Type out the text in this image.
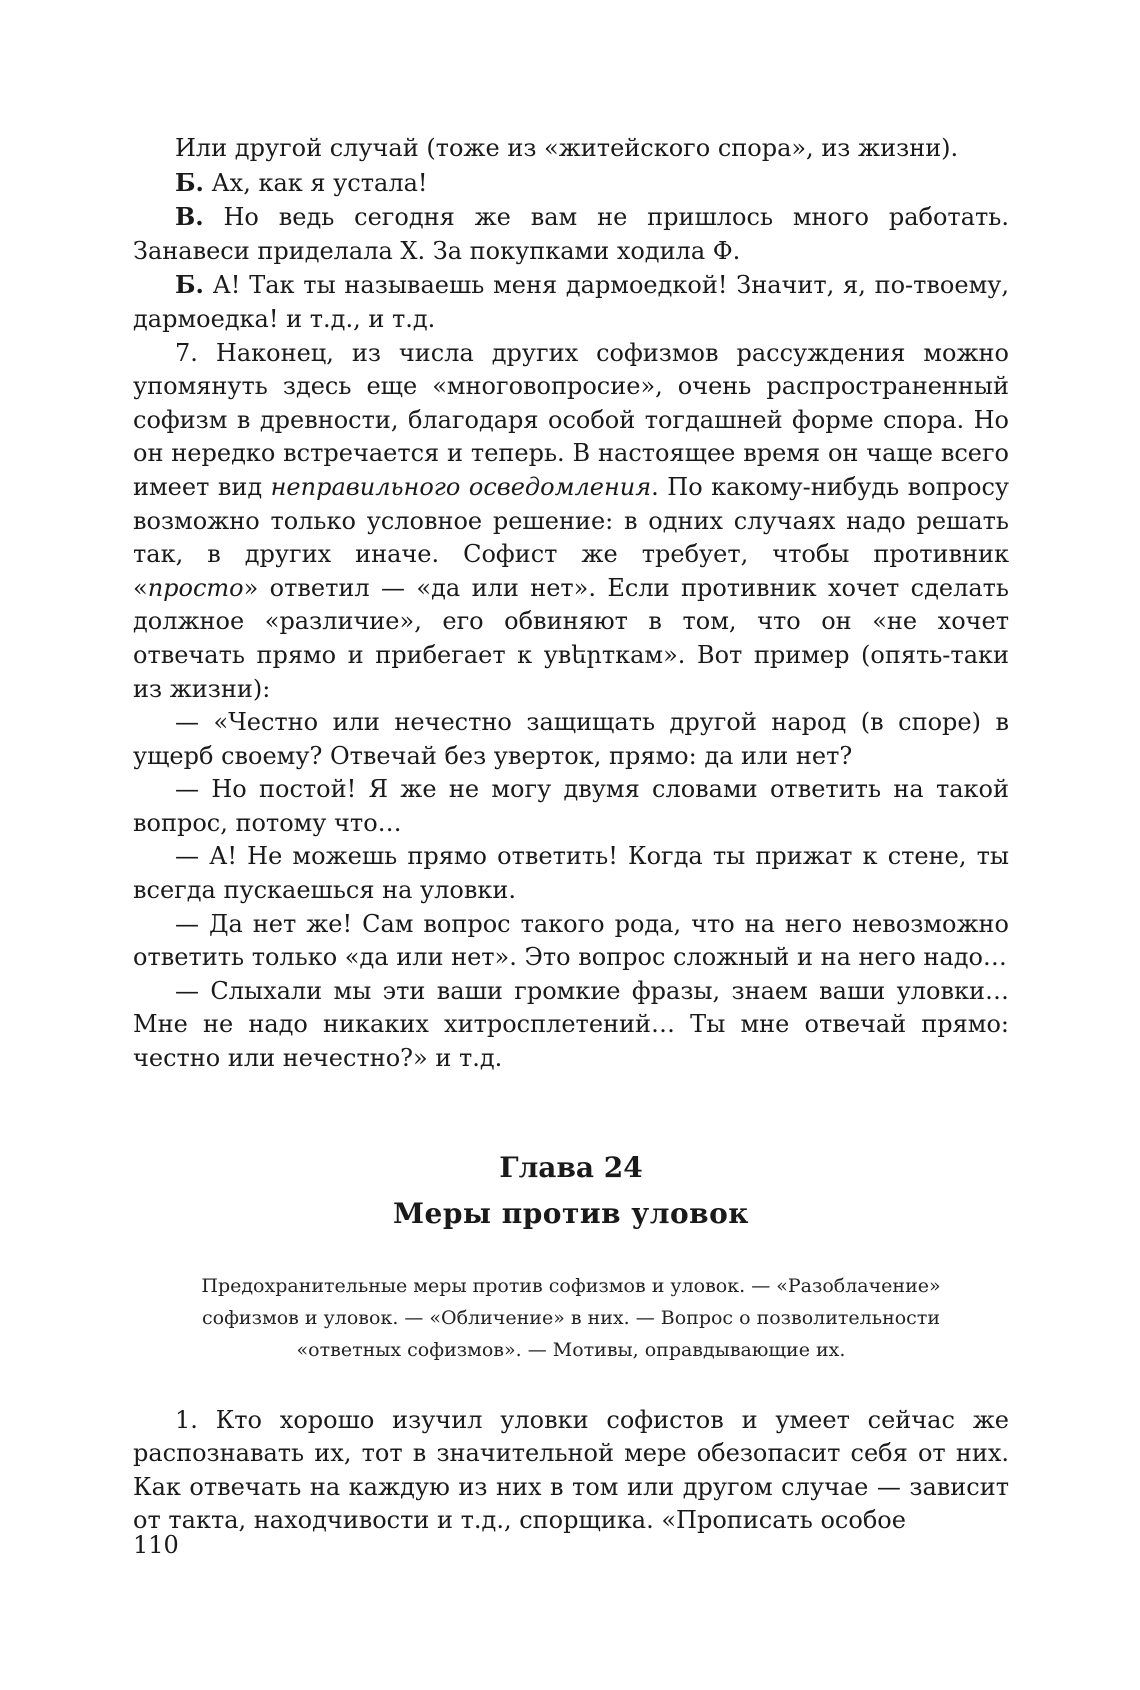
Или другой случай (тоже из «житейского спора», из жизни).

Б. Ах, как я устала!

В. Но ведь сегодня же вам не пришлось много работать. Занавеси приделала Х. За покупками ходила Ф.

Б. А! Так ты называешь меня дармоедкой! Значит, я, по-твоему, дармоедка! и т.д., и т.д.

7. Наконец, из числа других софизмов рассуждения можно упомянуть здесь еще «многовопросие», очень распространенный софизм в древности, благодаря особой тогдашней форме спора. Но он нередко встречается и теперь. В настоящее время он чаще всего имеет вид неправильного осведомления. По какому-нибудь вопросу возможно только условное решение: в одних случаях надо решать так, в других иначе. Софист же требует, чтобы противник «просто» ответил — «да или нет». Если противник хочет сделать должное «различие», его обвиняют в том, что он «не хочет отвечать прямо и прибегает к увերткам». Вот пример (опять-таки из жизни):

— «Честно или нечестно защищать другой народ (в споре) в ущерб своему? Отвечай без уверток, прямо: да или нет?

— Но постой! Я же не могу двумя словами ответить на такой вопрос, потому что…

— А! Не можешь прямо ответить! Когда ты прижат к стене, ты всегда пускаешься на уловки.

— Да нет же! Сам вопрос такого рода, что на него невозможно ответить только «да или нет». Это вопрос сложный и на него надо…

— Слыхали мы эти ваши громкие фразы, знаем ваши уловки… Мне не надо никаких хитросплетений… Ты мне отвечай прямо: честно или нечестно?» и т.д.

Глава 24
Меры против уловок
Предохранительные меры против софизмов и уловок. — «Разоблачение»
софизмов и уловок. — «Обличение» в них. — Вопрос о позволительности
«ответных софизмов». — Мотивы, оправдывающие их.

1. Кто хорошо изучил уловки софистов и умеет сейчас же распознавать их, тот в значительной мере обезопасит себя от них. Как отвечать на каждую из них в том или другом случае — зависит от такта, находчивости и т.д., спорщика. «Прописать особое

110
